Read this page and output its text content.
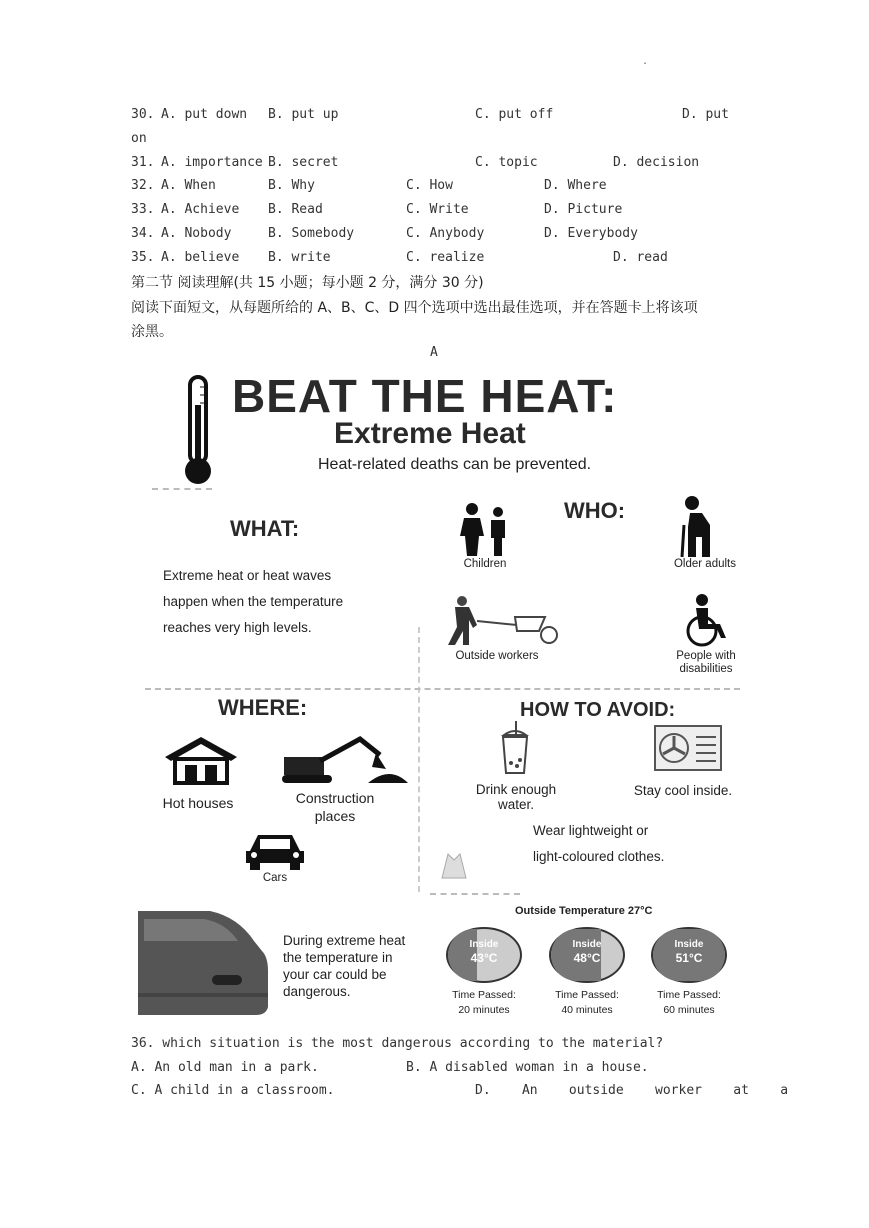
.
30. A. put down B. put up	C. put off	D. put
on
31. A. importance B. secret	C. topic	D. decision
32. A. When	B. Why	C. How	D. Where
33. A. Achieve B. Read	C. Write	D. Picture
34. A. Nobody	B. Somebody	C. Anybody	D. Everybody
35. A. believe B. write	C. realize	D. read
第二节 阅读理解(共 15 小题；每小题 2 分，满分 30 分)
阅读下面短文，从每题所给的 A、B、C、D 四个选项中选出最佳选项，并在答题卡上将该项
涂黑。
A
BEAT THE HEAT:
Extreme Heat
Heat-related deaths can be prevented.
WHAT:
Extreme heat or heat waves
happen when the temperature
reaches very high levels.
WHO:
Children	Older adults
Outside workers	People with
disabilities
WHERE:
Hot houses	Construction
places
Cars
HOW TO AVOID:
Drink enough water.
Stay cool inside.
Wear lightweight or
light-coloured clothes.
During extreme heat
the temperature in
your car could be
dangerous.
Outside Temperature 27°C
Inside
43°C
Time Passed:
20 minutes
Inside
48°C
Time Passed:
40 minutes
Inside
51°C
Time Passed:
60 minutes
36. which situation is the most dangerous according to the material?
A. An old man in a park.	B. A disabled woman in a house.
C. A child in a classroom.	D.    An    outside    worker    at    a
